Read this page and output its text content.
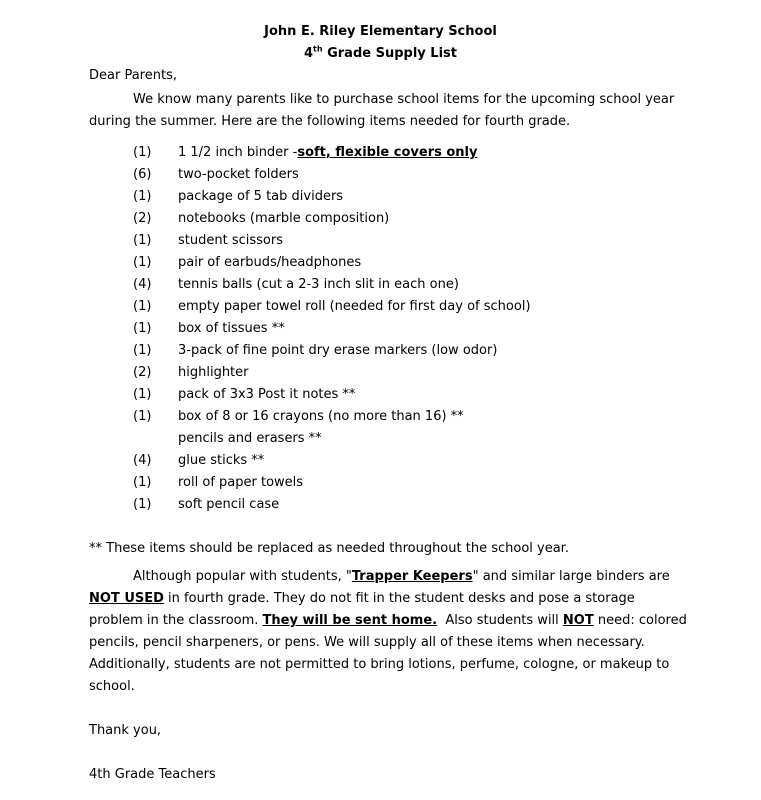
John E. Riley Elementary School
4th Grade Supply List
Dear Parents,
We know many parents like to purchase school items for the upcoming school year
during the summer. Here are the following items needed for fourth grade.
(1) 1 1/2 inch binder -soft, flexible covers only
(6) two-pocket folders
(1) package of 5 tab dividers
(2) notebooks (marble composition)
(1) student scissors
(1) pair of earbuds/headphones
(4) tennis balls (cut a 2-3 inch slit in each one)
(1) empty paper towel roll (needed for first day of school)
(1) box of tissues **
(1) 3-pack of fine point dry erase markers (low odor)
(2) highlighter
(1) pack of 3x3 Post it notes **
(1) box of 8 or 16 crayons (no more than 16) **
pencils and erasers **
(4) glue sticks **
(1) roll of paper towels
(1) soft pencil case
** These items should be replaced as needed throughout the school year.
Although popular with students, "Trapper Keepers" and similar large binders are
NOT USED in fourth grade. They do not fit in the student desks and pose a storage
problem in the classroom. They will be sent home.  Also students will NOT need: colored
pencils, pencil sharpeners, or pens. We will supply all of these items when necessary.
Additionally, students are not permitted to bring lotions, perfume, cologne, or makeup to
school.
Thank you,
4th Grade Teachers
